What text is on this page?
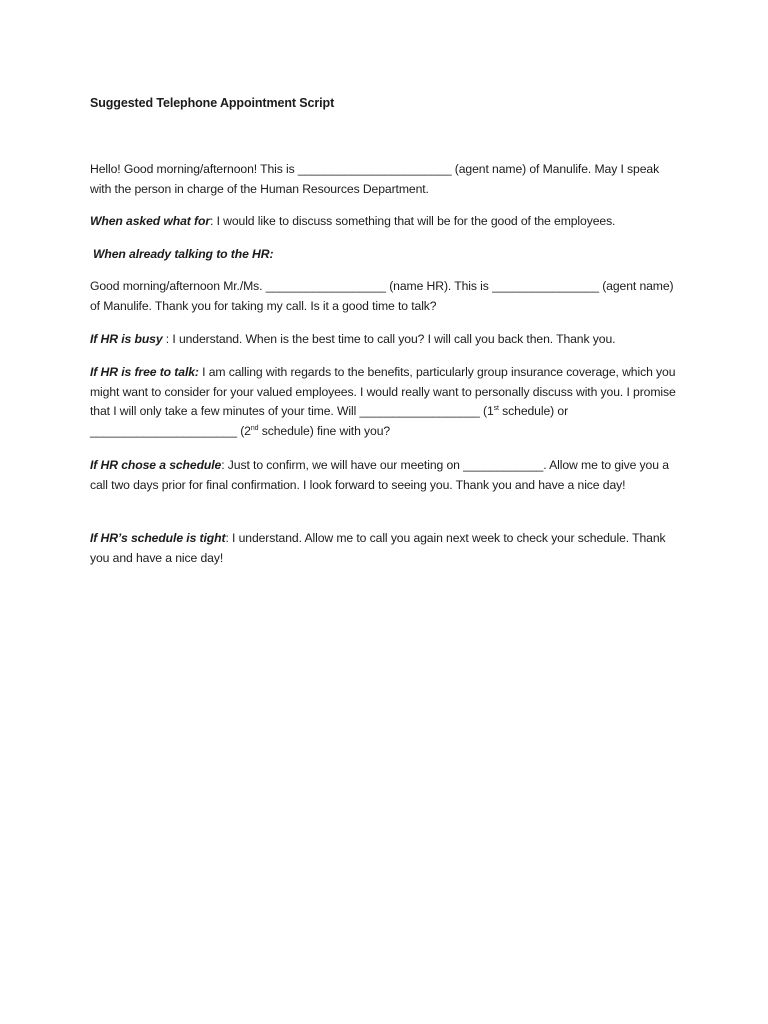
Suggested Telephone Appointment Script

Hello! Good morning/afternoon! This is _______________________ (agent name) of Manulife. May I speak with the person in charge of the Human Resources Department.

When asked what for: I would like to discuss something that will be for the good of the employees.

When already talking to the HR:

Good morning/afternoon Mr./Ms. __________________ (name HR). This is ________________ (agent name) of Manulife. Thank you for taking my call. Is it a good time to talk?

If HR is busy : I understand. When is the best time to call you? I will call you back then. Thank you.

If HR is free to talk: I am calling with regards to the benefits, particularly group insurance coverage, which you might want to consider for your valued employees. I would really want to personally discuss with you. I promise that I will only take a few minutes of your time. Will __________________ (1st schedule) or ______________________ (2nd schedule) fine with you?

If HR chose a schedule: Just to confirm, we will have our meeting on ____________. Allow me to give you a call two days prior for final confirmation. I look forward to seeing you. Thank you and have a nice day!

If HR’s schedule is tight: I understand. Allow me to call you again next week to check your schedule. Thank you and have a nice day!
